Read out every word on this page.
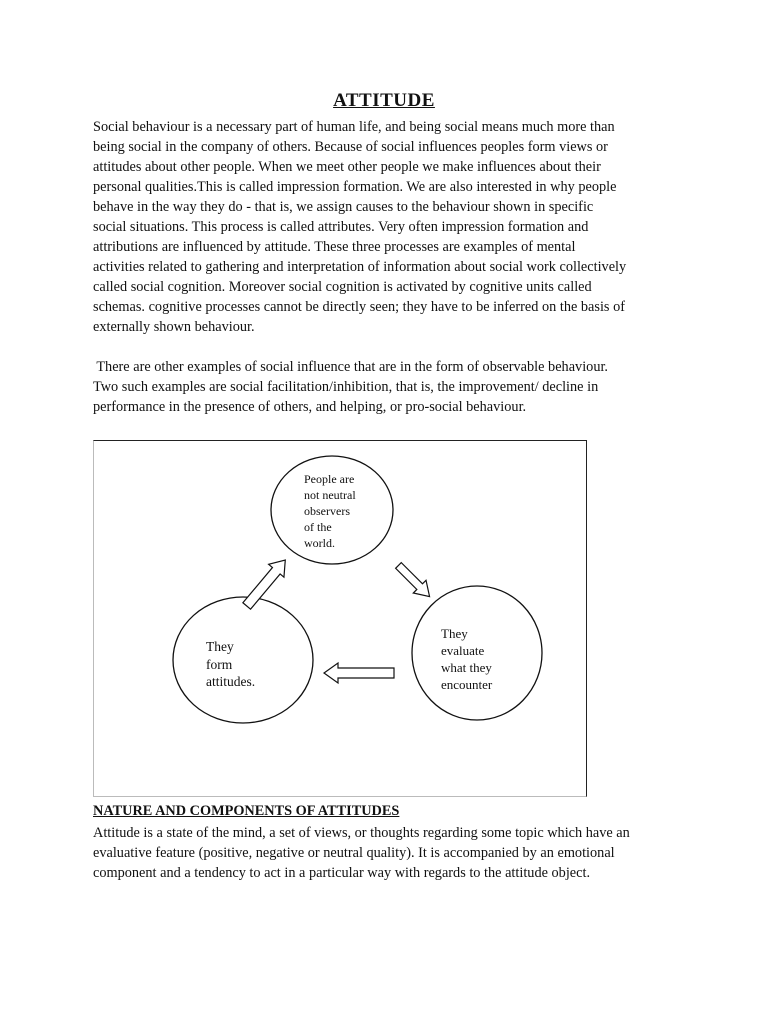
ATTITUDE

Social behaviour is a necessary part of human life, and being social means much more than
being social in the company of others. Because of social influences peoples form views or
attitudes about other people. When we meet other people we make influences about their
personal qualities.This is called impression formation. We are also interested in why people
behave in the way they do - that is, we assign causes to the behaviour shown in specific
social situations. This process is called attributes. Very often impression formation and
attributions are influenced by attitude. These three processes are examples of mental
activities related to gathering and interpretation of information about social work collectively
called social cognition. Moreover social cognition is activated by cognitive units called
schemas. cognitive processes cannot be directly seen; they have to be inferred on the basis of
externally shown behaviour.

There are other examples of social influence that are in the form of observable behaviour.
Two such examples are social facilitation/inhibition, that is, the improvement/ decline in
performance in the presence of others, and helping, or pro-social behaviour.

People are
not neutral
observers
of the
world.
They
evaluate
what they
encounter
They
form
attitudes.
NATURE AND COMPONENTS OF ATTITUDES

Attitude is a state of the mind, a set of views, or thoughts regarding some topic which have an
evaluative feature (positive, negative or neutral quality). It is accompanied by an emotional
component and a tendency to act in a particular way with regards to the attitude object.
